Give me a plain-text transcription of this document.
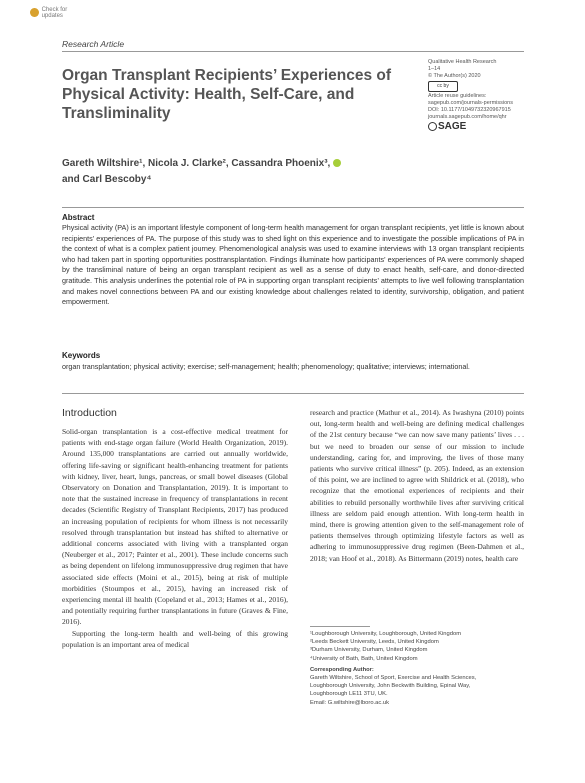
Check for updates
Research Article
Organ Transplant Recipients’ Experiences of Physical Activity: Health, Self-Care, and Transliminality
Qualitative Health Research
1–14
© The Author(s) 2020
cc by
Article reuse guidelines:
sagepub.com/journals-permissions
DOI: 10.1177/1049732320967915
journals.sagepub.com/home/qhr
SAGE
Gareth Wiltshire¹, Nicola J. Clarke², Cassandra Phoenix³,
and Carl Bescoby⁴
Abstract
Physical activity (PA) is an important lifestyle component of long-term health management for organ transplant recipients, yet little is known about recipients’ experiences of PA. The purpose of this study was to shed light on this experience and to investigate the possible implications of PA in the context of what is a complex patient journey. Phenomenological analysis was used to examine interviews with 13 organ transplant recipients who had taken part in sporting opportunities posttransplantation. Findings illuminate how participants’ experiences of PA were commonly shaped by the transliminal nature of being an organ transplant recipient as well as a sense of duty to enact health, self-care, and donor-directed gratitude. This analysis underlines the potential role of PA in supporting organ transplant recipients’ attempts to live well following transplantation and makes novel connections between PA and our existing knowledge about challenges related to identity, survivorship, obligation, and patient empowerment.
Keywords
organ transplantation; physical activity; exercise; self-management; health; phenomenology; qualitative; interviews; international.
Introduction

Solid-organ transplantation is a cost-effective medical treatment for patients with end-stage organ failure (World Health Organization, 2019). Around 135,000 transplantations are carried out annually worldwide, offering life-saving or significant health-enhancing treatment for patients with kidney, liver, heart, lungs, pancreas, or small bowel diseases (Global Observatory on Donation and Transplantation, 2019). It is important to note that the sustained increase in frequency of transplantations in recent decades (Scientific Registry of Transplant Recipients, 2017) has produced an increasing population of recipients for whom illness is not necessarily resolved through transplantation but instead has shifted to alternative or additional concerns associated with living with a transplanted organ (Neuberger et al., 2017; Painter et al., 2001). These include concerns such as being dependent on lifelong immunosuppressive drug regimen that have associated side effects (Moini et al., 2015), being at risk of multiple morbidities (Stoumpos et al., 2015), having an increased risk of experiencing mental ill health (Copeland et al., 2013; Hames et al., 2016), and potentially requiring further transplantations in future (Graves & Fine, 2016).

Supporting the long-term health and well-being of this growing population is an important area of medical

research and practice (Mathur et al., 2014). As Iwashyna (2010) points out, long-term health and well-being are defining medical challenges of the 21st century because “we can now save many patients’ lives . . . but we need to broaden our sense of our mission to include understanding, caring for, and improving, the lives of those many patients who survive critical illness” (p. 205). Indeed, as an extension of this point, we are inclined to agree with Shildrick et al. (2018), who recognize that the emotional experiences of recipients and their abilities to rebuild personally worthwhile lives after surviving critical illness are seldom paid enough attention. With long-term health in mind, there is growing attention given to the self-management role of patients themselves through optimizing lifestyle factors as well as adhering to immunosuppressive drug regimen (Been-Dahmen et al., 2018; van Hoof et al., 2018). As Bittermann (2019) notes, health care

¹Loughborough University, Loughborough, United Kingdom
²Leeds Beckett University, Leeds, United Kingdom
³Durham University, Durham, United Kingdom
⁴University of Bath, Bath, United Kingdom
Corresponding Author:
Gareth Wiltshire, School of Sport, Exercise and Health Sciences,
Loughborough University, John Beckwith Building, Epinal Way,
Loughborough LE11 3TU, UK.
Email: G.wiltshire@lboro.ac.uk
